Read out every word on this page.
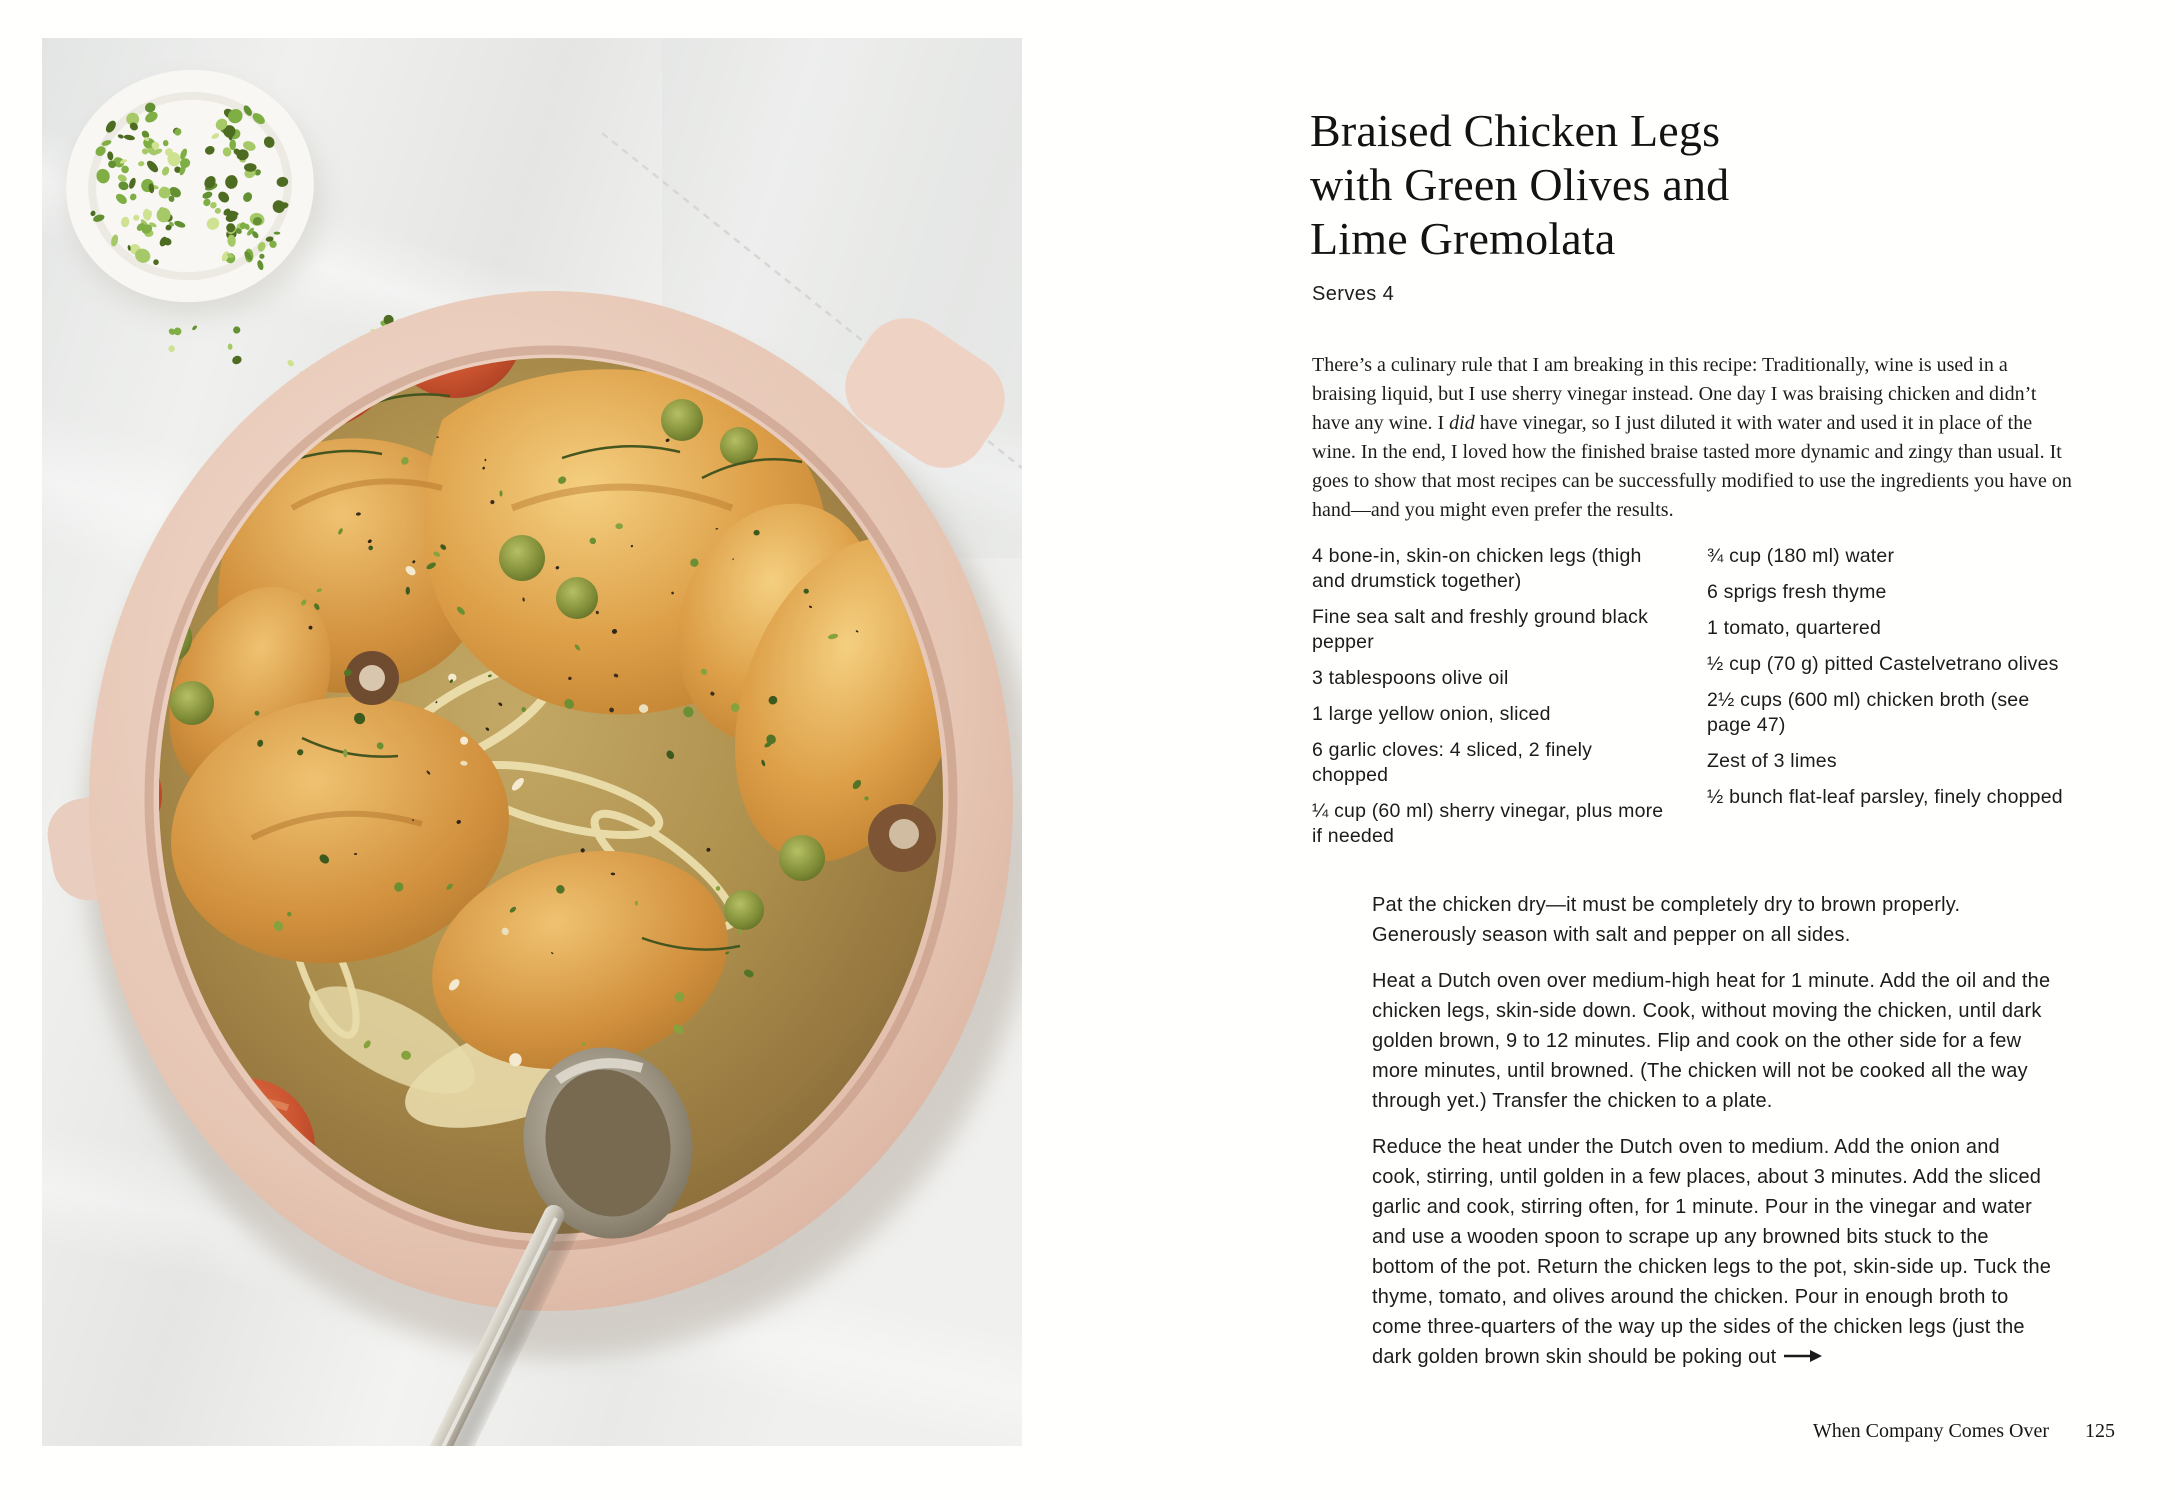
Braised Chicken Legs
with Green Olives and
Lime Gremolata
Serves 4

There’s a culinary rule that I am breaking in this recipe: Traditionally, wine is used in a braising liquid, but I use sherry vinegar instead. One day I was braising chicken and didn’t have any wine. I did have vinegar, so I just diluted it with water and used it in place of the wine. In the end, I loved how the finished braise tasted more dynamic and zingy than usual. It goes to show that most recipes can be successfully modified to use the ingredients you have on hand—and you might even prefer the results.

4 bone-in, skin-on chicken legs (thigh and drumstick together)

Fine sea salt and freshly ground black pepper

3 tablespoons olive oil

1 large yellow onion, sliced

6 garlic cloves: 4 sliced, 2 finely chopped

¼ cup (60 ml) sherry vinegar, plus more if needed

¾ cup (180 ml) water

6 sprigs fresh thyme

1 tomato, quartered

½ cup (70 g) pitted Castelvetrano olives

2½ cups (600 ml) chicken broth (see page 47)

Zest of 3 limes

½ bunch flat-leaf parsley, finely chopped

Pat the chicken dry—it must be completely dry to brown properly. Generously season with salt and pepper on all sides.

Heat a Dutch oven over medium-high heat for 1 minute. Add the oil and the chicken legs, skin-side down. Cook, without moving the chicken, until dark golden brown, 9 to 12 minutes. Flip and cook on the other side for a few more minutes, until browned. (The chicken will not be cooked all the way through yet.) Transfer the chicken to a plate.

Reduce the heat under the Dutch oven to medium. Add the onion and cook, stirring, until golden in a few places, about 3 minutes. Add the sliced garlic and cook, stirring often, for 1 minute. Pour in the vinegar and water and use a wooden spoon to scrape up any browned bits stuck to the bottom of the pot. Return the chicken legs to the pot, skin-side up. Tuck the thyme, tomato, and olives around the chicken. Pour in enough broth to come three-quarters of the way up the sides of the chicken legs (just the dark golden brown skin should be poking out

When Company Comes Over 125
